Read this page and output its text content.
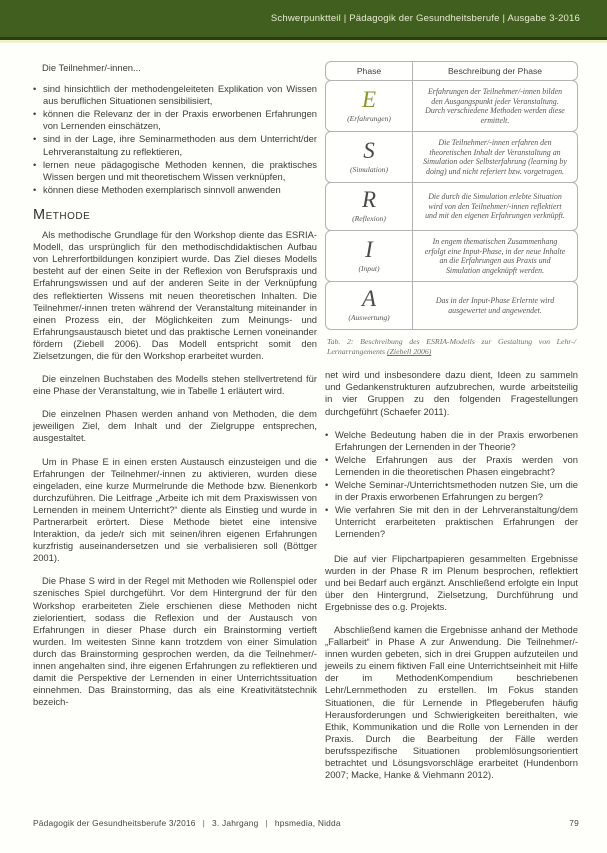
Schwerpunktteil | Pädagogik der Gesundheitsberufe | Ausgabe 3-2016
Die Teilnehmer/-innen...
• sind hinsichtlich der methodengeleiteten Explikation von Wissen aus beruflichen Situationen sensibilisiert,
• können die Relevanz der in der Praxis erworbenen Erfahrungen von Lernenden einschätzen,
• sind in der Lage, ihre Seminarmethoden aus dem Unterricht/der Lehrveranstaltung zu reflektieren,
• lernen neue pädagogische Methoden kennen, die praktisches Wissen bergen und mit theoretischem Wissen verknüpfen,
• können diese Methoden exemplarisch sinnvoll anwenden
Methode

Als methodische Grundlage für den Workshop diente das ESRIA-Modell, das ursprünglich für den methodischdidaktischen Aufbau von Lehrerfortbildungen konzipiert wurde. Das Ziel dieses Modells besteht auf der einen Seite in der Reflexion von Berufspraxis und Erfahrungswissen und auf der anderen Seite in der Verknüpfung des reflektierten Wissens mit neuen theoretischen Inhalten. Die Teilnehmer/-innen treten während der Veranstaltung miteinander in einen Prozess ein, der Möglichkeiten zum Meinungs- und Erfahrungsaustausch bietet und das praktische Lernen voneinander fördern (Ziebell 2006). Das Modell entspricht somit den Zielsetzungen, die für den Workshop erarbeitet wurden.

Die einzelnen Buchstaben des Modells stehen stellvertretend für eine Phase der Veranstaltung, wie in Tabelle 1 erläutert wird.

Die einzelnen Phasen werden anhand von Methoden, die dem jeweiligen Ziel, dem Inhalt und der Zielgruppe entsprechen, ausgestaltet.

Um in Phase E in einen ersten Austausch einzusteigen und die Erfahrungen der Teilnehmer/-innen zu aktivieren, wurden diese eingeladen, eine kurze Murmelrunde die Methode bzw. Bienenkorb durchzuführen. Die Leitfrage „Arbeite ich mit dem Praxiswissen von Lernenden in meinem Unterricht?“ diente als Einstieg und wurde in Partnerarbeit erörtert. Diese Methode bietet eine intensive Interaktion, da jede/r sich mit seinen/ihren eigenen Erfahrungen kurzfristig auseinandersetzen und sie verbalisieren soll (Böttger 2001).

Die Phase S wird in der Regel mit Methoden wie Rollenspiel oder szenisches Spiel durchgeführt. Vor dem Hintergrund der für den Workshop erarbeiteten Ziele erschienen diese Methoden nicht zielorientiert, sodass die Reflexion und der Austausch von Erfahrungen in dieser Phase durch ein Brainstorming vertieft wurden. Im weitesten Sinne kann trotzdem von einer Simulation durch das Brainstorming gesprochen werden, da die Teilnehmer/-innen angehalten sind, ihre eigenen Erfahrungen zu reflektieren und damit die Perspektive der Lernenden in einer Unterrichtssituation einnehmen. Das Brainstorming, das als eine Kreativitätstechnik bezeich-

Phase	Beschreibung der Phase
E
(Erfahrungen)
Erfahrungen der Teilnehmer/-innen bilden den Ausgangspunkt jeder Veranstaltung. Durch verschiedene Methoden werden diese ermittelt.
S
(Simulation)
Die Teilnehmer/-innen erfahren den theoretischen Inhalt der Veranstaltung an Simulation oder Selbsterfahrung (learning by doing) und nicht referiert bzw. vorgetragen.
R
(Reflexion)
Die durch die Simulation erlebte Situation wird von den Teilnehmer/-innen reflektiert und mit den eigenen Erfahrungen verknüpft.
I
(Input)
In engem thematischen Zusammenhang erfolgt eine Input-Phase, in der neue Inhalte an die Erfahrungen aus Praxis und Simulation angeknüpft werden.
A
(Auswertung)
Das in der Input-Phase Erlernte wird ausgewertet und angewendet.
Tab. 2: Beschreibung des ESRIA-Modells zur Gestaltung von Lehr-/ Lernarrangements (Ziebell 2006)

net wird und insbesondere dazu dient, Ideen zu sammeln und Gedankenstrukturen aufzubrechen, wurde arbeitsteilig in vier Gruppen zu den folgenden Fragestellungen durchgeführt (Schaefer 2011).

• Welche Bedeutung haben die in der Praxis erworbenen Erfahrungen der Lernenden in der Theorie?
• Welche Erfahrungen aus der Praxis werden von Lernenden in die theoretischen Phasen eingebracht?
• Welche Seminar-/Unterrichtsmethoden nutzen Sie, um die in der Praxis erworbenen Erfahrungen zu bergen?
• Wie verfahren Sie mit den in der Lehrveranstaltung/dem Unterricht erarbeiteten praktischen Erfahrungen der Lernenden?

Die auf vier Flipchartpapieren gesammelten Ergebnisse wurden in der Phase R im Plenum besprochen, reflektiert und bei Bedarf auch ergänzt. Anschließend erfolgte ein Input über den Hintergrund, Zielsetzung, Durchführung und Ergebnisse des o.g. Projekts.

Abschließend kamen die Ergebnisse anhand der Methode „Fallarbeit“ in Phase A zur Anwendung. Die Teilnehmer/-innen wurden gebeten, sich in drei Gruppen aufzuteilen und jeweils zu einem fiktiven Fall eine Unterrichtseinheit mit Hilfe der im MethodenKompendium beschriebenen Lehr/Lernmethoden zu erstellen. Im Fokus standen Situationen, die für Lernende in Pflegeberufen häufig Herausforderungen und Schwierigkeiten bereithalten, wie Ethik, Kommunikation und die Rolle von Lernenden in der Praxis. Durch die Bearbeitung der Fälle werden berufsspezifische Situationen problemlösungsorientiert betrachtet und Lösungsvorschläge erarbeitet (Hundenborn 2007; Macke, Hanke & Viehmann 2012).

Pädagogik der Gesundheitsberufe 3/2016 | 3. Jahrgang | hpsmedia, Nidda	79
